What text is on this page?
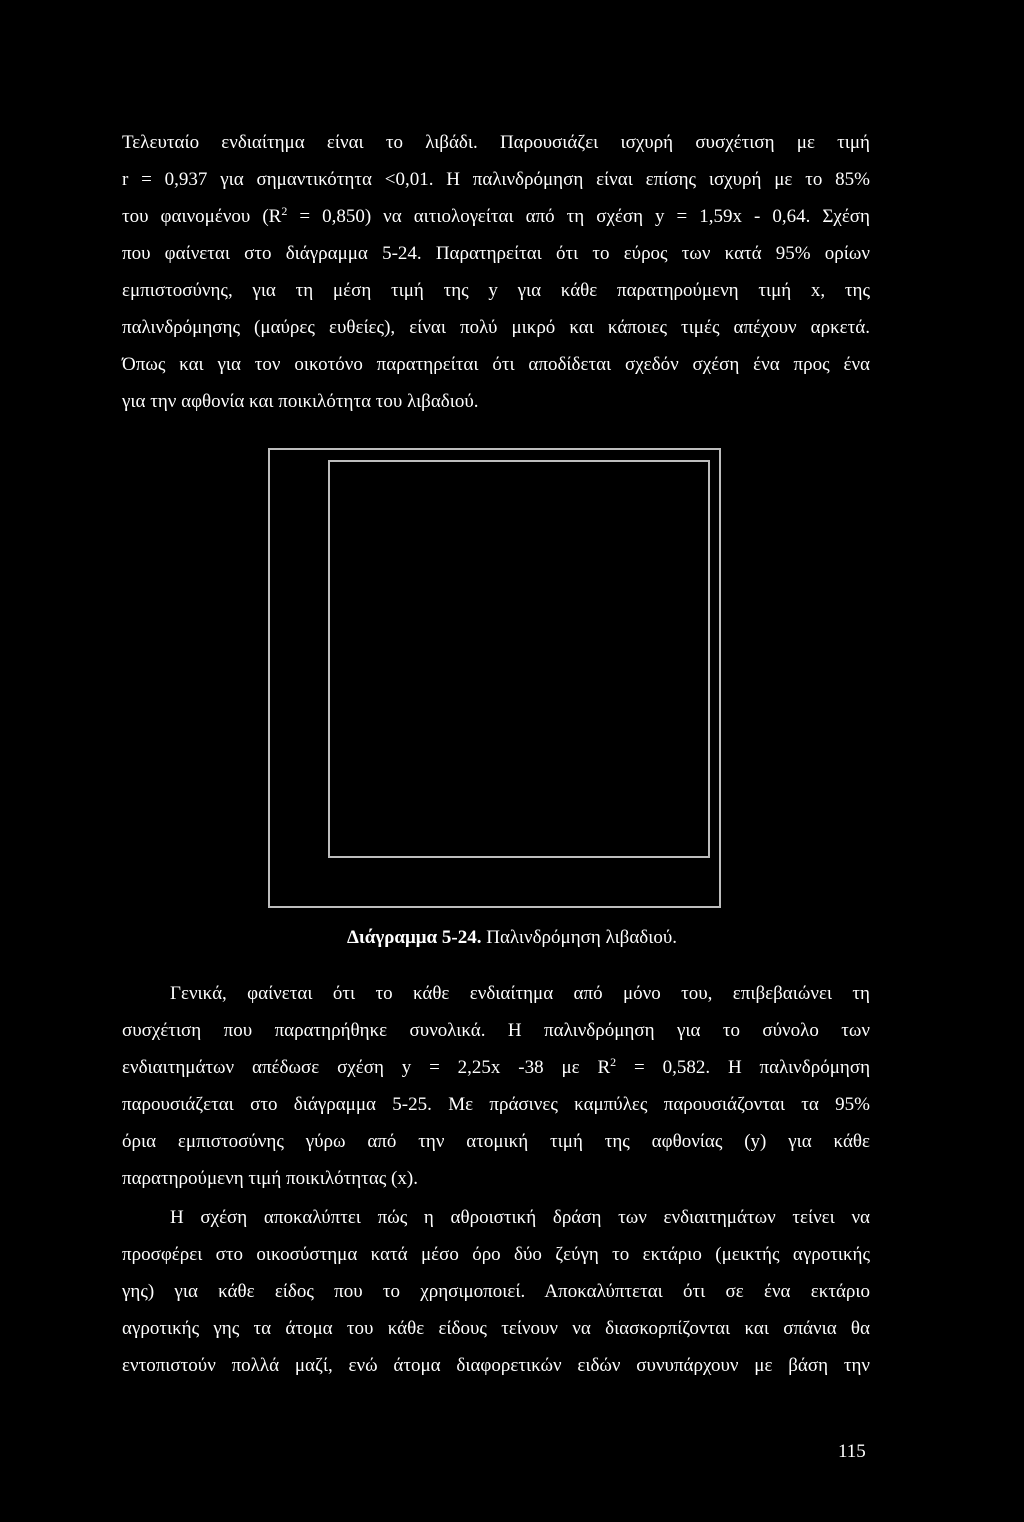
Τελευταίο ενδιαίτημα είναι το λιβάδι. Παρουσιάζει ισχυρή συσχέτιση με τιμή
r = 0,937 για σημαντικότητα <0,01. Η παλινδρόμηση είναι επίσης ισχυρή με το 85%
του φαινομένου $(R^2 = 0,850)$ να αιτιολογείται από τη σχέση y = 1,59x - 0,64. Σχέση
που φαίνεται στο διάγραμμα 5-24. Παρατηρείται ότι το εύρος των κατά 95% ορίων
εμπιστοσύνης, για τη μέση τιμή της y για κάθε παρατηρούμενη τιμή x, της
παλινδρόμησης (μαύρες ευθείες), είναι πολύ μικρό και κάποιες τιμές απέχουν αρκετά.
Όπως και για τον οικοτόνο παρατηρείται ότι αποδίδεται σχεδόν σχέση ένα προς ένα
για την αφθονία και ποικιλότητα του λιβαδιού.
Διάγραμμα 5-24. Παλινδρόμηση λιβαδιού.
Γενικά, φαίνεται ότι το κάθε ενδιαίτημα από μόνο του, επιβεβαιώνει τη
συσχέτιση που παρατηρήθηκε συνολικά. Η παλινδρόμηση για το σύνολο των
ενδιαιτημάτων απέδωσε σχέση y = 2,25x -38 με $R^2 = 0,582$. Η παλινδρόμηση
παρουσιάζεται στο διάγραμμα 5-25. Με πράσινες καμπύλες παρουσιάζονται τα 95%
όρια εμπιστοσύνης γύρω από την ατομική τιμή της αφθονίας (y) για κάθε
παρατηρούμενη τιμή ποικιλότητας (x).
Η σχέση αποκαλύπτει πώς η αθροιστική δράση των ενδιαιτημάτων τείνει να
προσφέρει στο οικοσύστημα κατά μέσο όρο δύο ζεύγη το εκτάριο (μεικτής αγροτικής
γης) για κάθε είδος που το χρησιμοποιεί. Αποκαλύπτεται ότι σε ένα εκτάριο
αγροτικής γης τα άτομα του κάθε είδους τείνουν να διασκορπίζονται και σπάνια θα
εντοπιστούν πολλά μαζί, ενώ άτομα διαφορετικών ειδών συνυπάρχουν με βάση την
115
